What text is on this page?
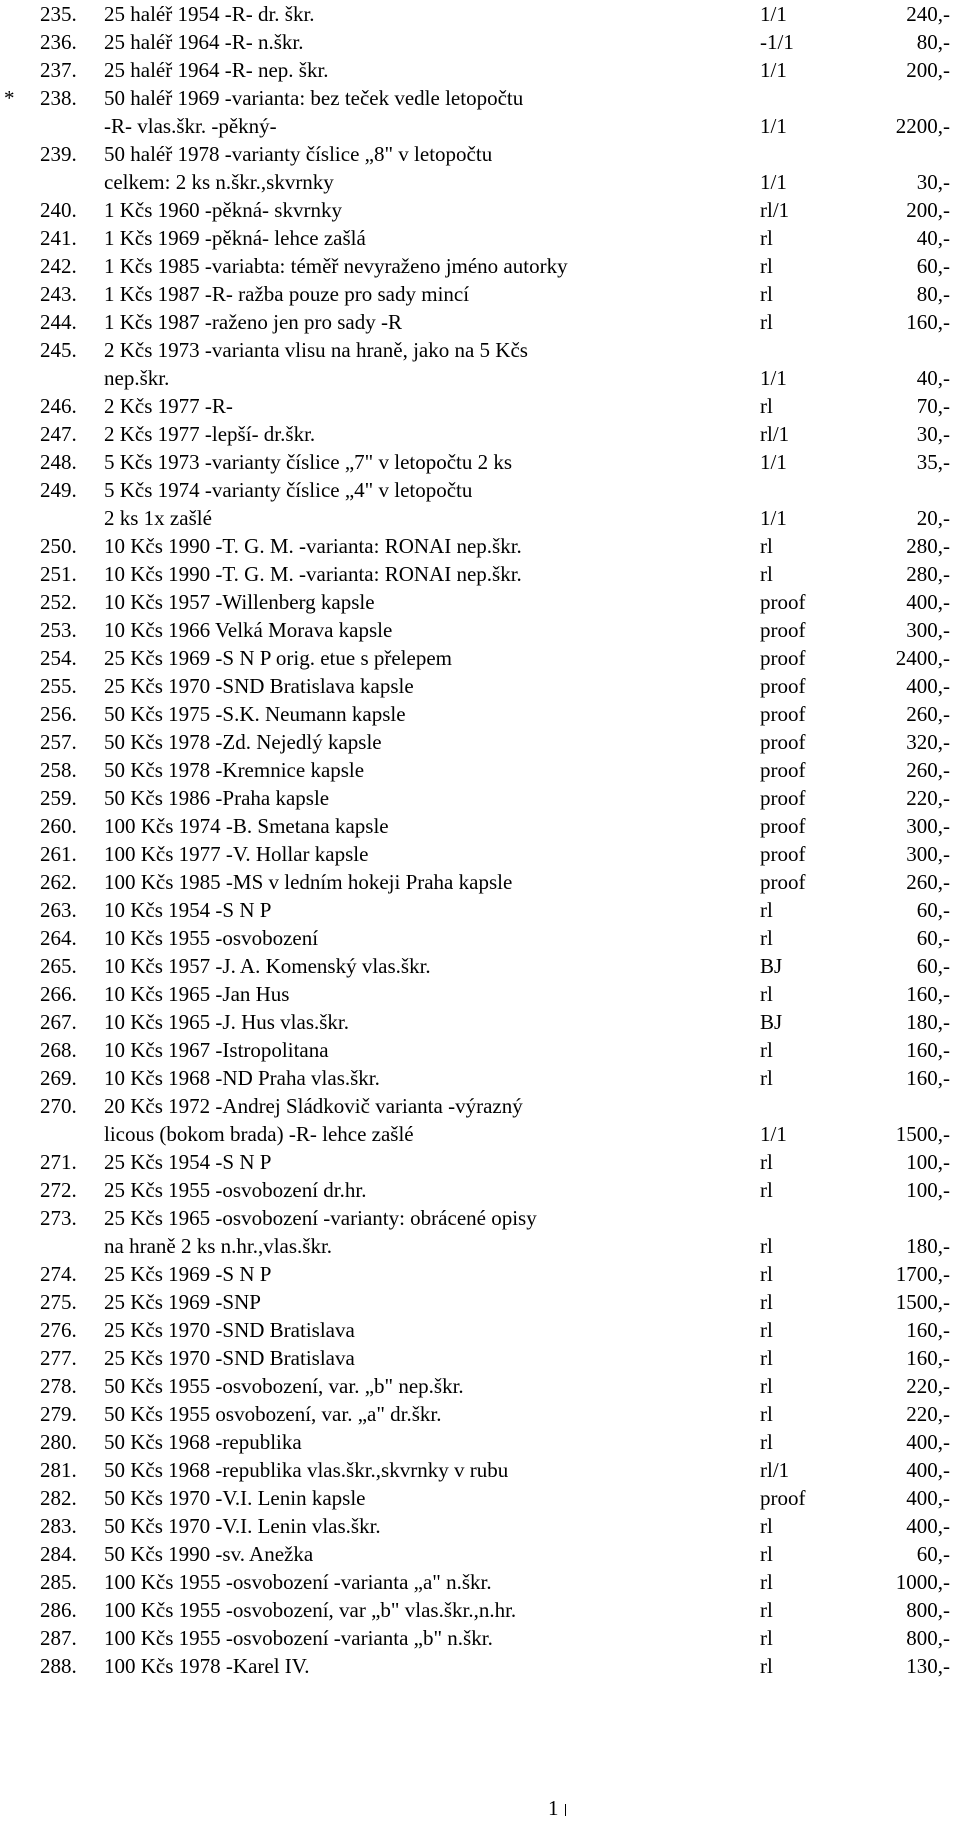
235. 25 haléř 1954 -R- dr. škr.	1/1	240,-
236. 25 haléř 1964 -R- n.škr.	-1/1	80,-
237. 25 haléř 1964 -R- nep. škr.	1/1	200,-
* 238. 50 haléř 1969 -varianta: bez teček vedle letopočtu
-R- vlas.škr. -pěkný-	1/1	2200,-
239. 50 haléř 1978 -varianty číslice „8" v letopočtu
celkem: 2 ks n.škr.,skvrnky	1/1	30,-
240. 1 Kčs 1960 -pěkná- skvrnky	rl/1	200,-
241. 1 Kčs 1969 -pěkná- lehce zašlá	rl	40,-
242. 1 Kčs 1985 -variabta: téměř nevyraženo jméno autorky	rl	60,-
243. 1 Kčs 1987 -R- ražba pouze pro sady mincí	rl	80,-
244. 1 Kčs 1987 -raženo jen pro sady -R	rl	160,-
245. 2 Kčs 1973 -varianta vlisu na hraně, jako na 5 Kčs
nep.škr.	1/1	40,-
246. 2 Kčs 1977 -R-	rl	70,-
247. 2 Kčs 1977 -lepší- dr.škr.	rl/1	30,-
248. 5 Kčs 1973 -varianty číslice „7" v letopočtu 2 ks	1/1	35,-
249. 5 Kčs 1974 -varianty číslice „4" v letopočtu
2 ks 1x zašlé	1/1	20,-
250. 10 Kčs 1990 -T. G. M. -varianta: RONAI nep.škr.	rl	280,-
251. 10 Kčs 1990 -T. G. M. -varianta: RONAI nep.škr.	rl	280,-
252. 10 Kčs 1957 -Willenberg kapsle	proof	400,-
253. 10 Kčs 1966 Velká Morava kapsle	proof	300,-
254. 25 Kčs 1969 -S N P orig. etue s přelepem	proof	2400,-
255. 25 Kčs 1970 -SND Bratislava kapsle	proof	400,-
256. 50 Kčs 1975 -S.K. Neumann kapsle	proof	260,-
257. 50 Kčs 1978 -Zd. Nejedlý kapsle	proof	320,-
258. 50 Kčs 1978 -Kremnice kapsle	proof	260,-
259. 50 Kčs 1986 -Praha kapsle	proof	220,-
260. 100 Kčs 1974 -B. Smetana kapsle	proof	300,-
261. 100 Kčs 1977 -V. Hollar kapsle	proof	300,-
262. 100 Kčs 1985 -MS v ledním hokeji Praha kapsle	proof	260,-
263. 10 Kčs 1954 -S N P	rl	60,-
264. 10 Kčs 1955 -osvobození	rl	60,-
265. 10 Kčs 1957 -J. A. Komenský vlas.škr.	BJ	60,-
266. 10 Kčs 1965 -Jan Hus	rl	160,-
267. 10 Kčs 1965 -J. Hus vlas.škr.	BJ	180,-
268. 10 Kčs 1967 -Istropolitana	rl	160,-
269. 10 Kčs 1968 -ND Praha vlas.škr.	rl	160,-
270. 20 Kčs 1972 -Andrej Sládkovič varianta -výrazný
licous (bokom brada) -R- lehce zašlé	1/1	1500,-
271. 25 Kčs 1954 -S N P	rl	100,-
272. 25 Kčs 1955 -osvobození dr.hr.	rl	100,-
273. 25 Kčs 1965 -osvobození -varianty: obrácené opisy
na hraně 2 ks n.hr.,vlas.škr.	rl	180,-
274. 25 Kčs 1969 -S N P	rl	1700,-
275. 25 Kčs 1969 -SNP	rl	1500,-
276. 25 Kčs 1970 -SND Bratislava	rl	160,-
277. 25 Kčs 1970 -SND Bratislava	rl	160,-
278. 50 Kčs 1955 -osvobození, var. „b" nep.škr.	rl	220,-
279. 50 Kčs 1955 osvobození, var. „a" dr.škr.	rl	220,-
280. 50 Kčs 1968 -republika	rl	400,-
281. 50 Kčs 1968 -republika vlas.škr.,skvrnky v rubu	rl/1	400,-
282. 50 Kčs 1970 -V.I. Lenin kapsle	proof	400,-
283. 50 Kčs 1970 -V.I. Lenin vlas.škr.	rl	400,-
284. 50 Kčs 1990 -sv. Anežka	rl	60,-
285. 100 Kčs 1955 -osvobození -varianta „a" n.škr.	rl	1000,-
286. 100 Kčs 1955 -osvobození, var „b" vlas.škr.,n.hr.	rl	800,-
287. 100 Kčs 1955 -osvobození -varianta „b" n.škr.	rl	800,-
288. 100 Kčs 1978 -Karel IV.	rl	130,-
1
